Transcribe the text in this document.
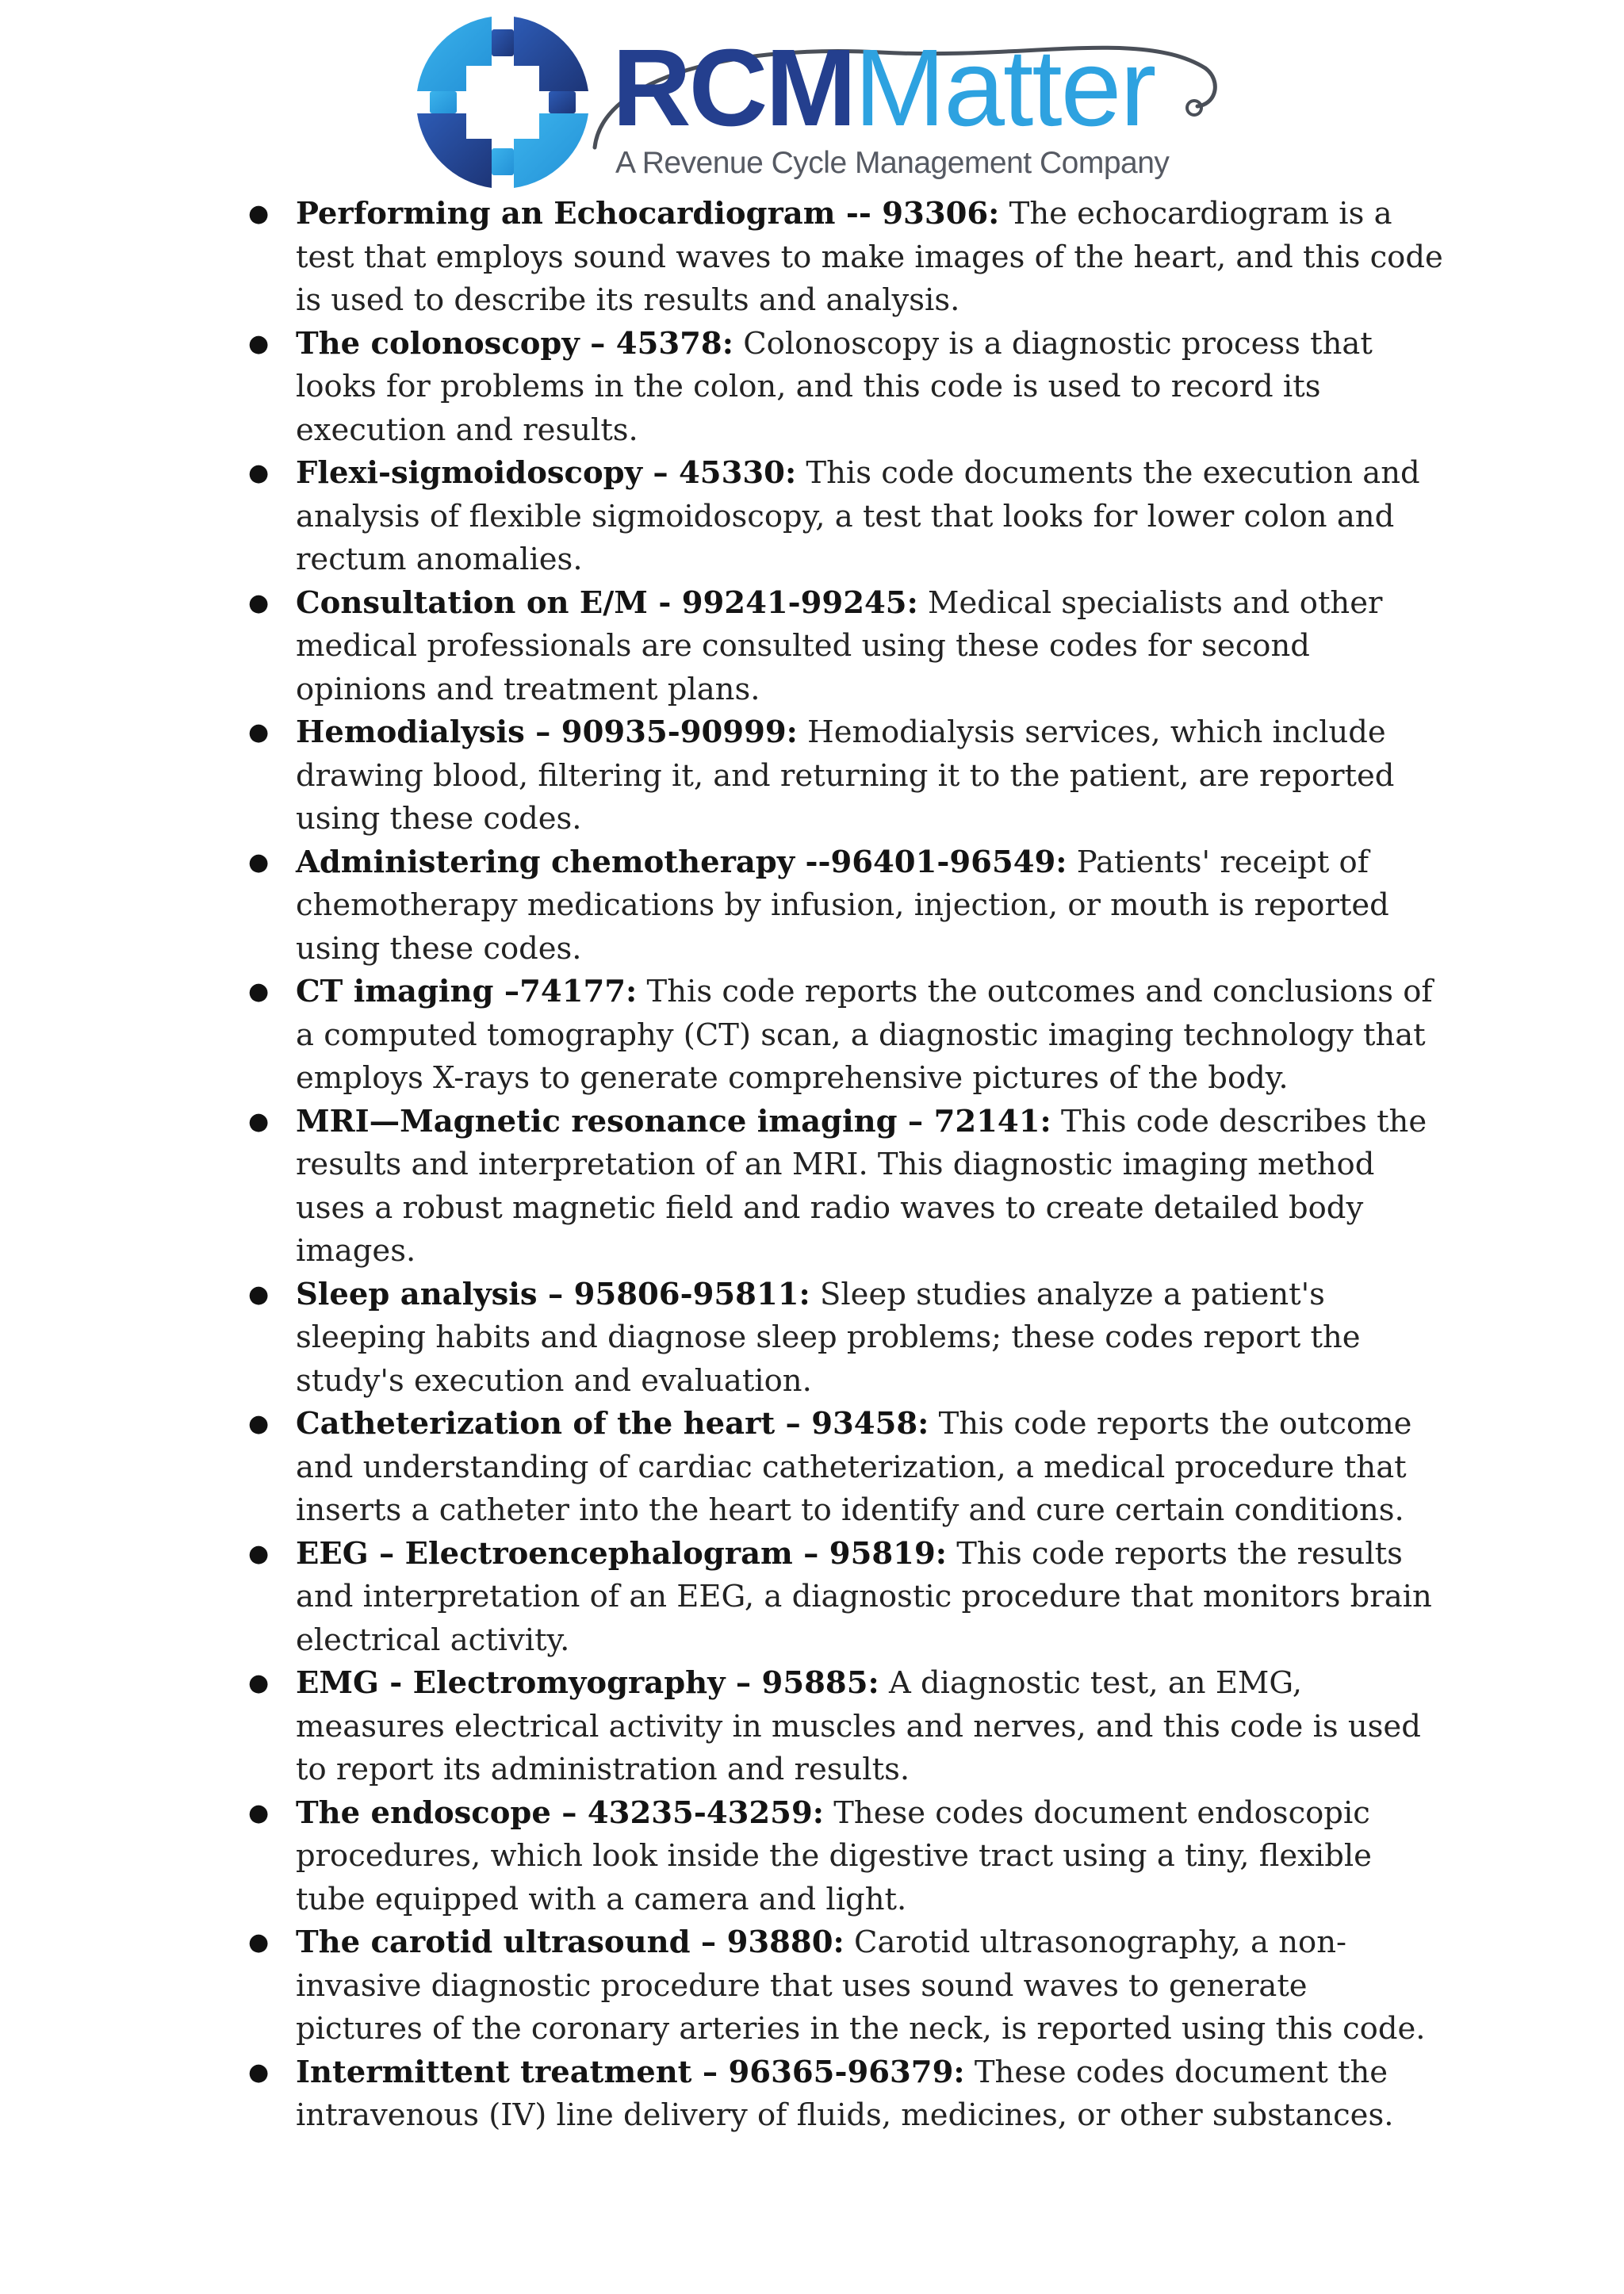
RCMMatter
A Revenue Cycle Management Company
● Performing an Echocardiogram -- 93306: The echocardiogram is a test that employs sound waves to make images of the heart, and this code is used to describe its results and analysis.
● The colonoscopy – 45378: Colonoscopy is a diagnostic process that looks for problems in the colon, and this code is used to record its execution and results.
● Flexi-sigmoidoscopy – 45330: This code documents the execution and analysis of flexible sigmoidoscopy, a test that looks for lower colon and rectum anomalies.
● Consultation on E/M - 99241-99245: Medical specialists and other medical professionals are consulted using these codes for second opinions and treatment plans.
● Hemodialysis – 90935-90999: Hemodialysis services, which include drawing blood, filtering it, and returning it to the patient, are reported using these codes.
● Administering chemotherapy --96401-96549: Patients' receipt of chemotherapy medications by infusion, injection, or mouth is reported using these codes.
● CT imaging –74177: This code reports the outcomes and conclusions of a computed tomography (CT) scan, a diagnostic imaging technology that employs X-rays to generate comprehensive pictures of the body.
● MRI—Magnetic resonance imaging – 72141: This code describes the results and interpretation of an MRI. This diagnostic imaging method uses a robust magnetic field and radio waves to create detailed body images.
● Sleep analysis – 95806-95811: Sleep studies analyze a patient's sleeping habits and diagnose sleep problems; these codes report the study's execution and evaluation.
● Catheterization of the heart – 93458: This code reports the outcome and understanding of cardiac catheterization, a medical procedure that inserts a catheter into the heart to identify and cure certain conditions.
● EEG – Electroencephalogram – 95819: This code reports the results and interpretation of an EEG, a diagnostic procedure that monitors brain electrical activity.
● EMG - Electromyography – 95885: A diagnostic test, an EMG, measures electrical activity in muscles and nerves, and this code is used to report its administration and results.
● The endoscope – 43235-43259: These codes document endoscopic procedures, which look inside the digestive tract using a tiny, flexible tube equipped with a camera and light.
● The carotid ultrasound – 93880: Carotid ultrasonography, a non-invasive diagnostic procedure that uses sound waves to generate pictures of the coronary arteries in the neck, is reported using this code.
● Intermittent treatment – 96365-96379: These codes document the intravenous (IV) line delivery of fluids, medicines, or other substances.
